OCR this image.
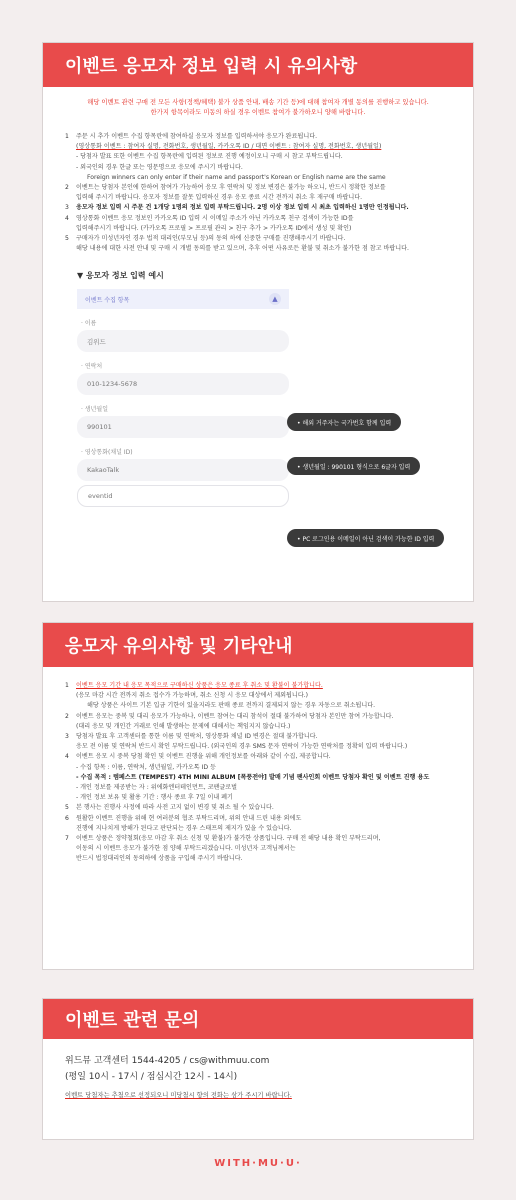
이벤트 응모자 정보 입력 시 유의사항
해당 이벤트 관련 구매 전 모든 사항(정책/혜택) 불가 상품 안내, 배송 기간 등)에 대해 참여자 개별 동의를 진행하고 있습니다.
한가지 항목이라도 미동의 하실 경우 이벤트 참여가 불가하오니 양해 바랍니다.
1	주문 시 추가 이벤트 수집 항목란에 참여하실 응모자 정보를 입력하셔야 응모가 완료됩니다.
(영상통화 이벤트 : 참여자 실명, 전화번호, 생년월일, 카카오톡 ID / 대면 이벤트 : 참여자 실명, 전화번호, 생년월일)
- 당첨자 발표 또한 이벤트 수집 항목란에 입력된 정보로 진행 예정이오니 구매 시 참고 부탁드립니다.
- 외국인의 경우 한글 또는 영문명으로 응모에 주시기 바랍니다.
Foreign winners can only enter if their name and passport's Korean or English name are the same
2	이벤트는 당첨자 본인에 한하여 참여가 가능하여 응모 후 연락처 및 정보 변경은 불가능 하오니, 반드시 정확한 정보를
입력해 주시기 바랍니다. 응모자 정보를 잘못 입력하신 경우 응모 종료 시간 전까지 취소 후 재구매 바랍니다.
3	응모자 정보 입력 시 주문 건 1개당 1명의 정보 입력 부탁드립니다. 2명 이상 정보 입력 시 최초 입력하신 1명만 인정됩니다.
4	영상통화 이벤트 응모 정보인 카카오톡 ID 입력 시 이메일 주소가 아닌 카카오톡 친구 검색이 가능한 ID를
입력해주시기 바랍니다. (카카오톡 프로필 > 프로필 관리 > 친구 추가 > 카카오톡 ID에서 생성 및 확인)
5	구매자가 미성년자인 경우 법적 대리인(부모님 등)의 동의 하에 신중한 구매를 진행해주시기 바랍니다.
해당 내용에 대한 사전 안내 및 구매 시 개별 동의를 받고 있으며, 추후 어떤 사유로든 환불 및 취소가 불가한 점 참고 바랍니다.
▼ 응모자 정보 입력 예시
이벤트 수집 항목	▲
· 이름
김위드
· 연락처
010-1234-5678
· 생년월일
990101
· 영상통화(채널 ID)
KakaoTalk
eventid
• 해외 거주자는 국가번호 함께 입력
• 생년월일 : 990101 형식으로 6글자 입력
• PC 로그인용 이메일이 아닌 검색이 가능한 ID 입력
응모자 유의사항 및 기타안내
1	이벤트 응모 기간 내 응모 목적으로 구매하신 상품은 응모 종료 후 취소 및 환불이 불가합니다.
(응모 마감 시간 전까지 취소 접수가 가능하며, 취소 신청 시 응모 대상에서 제외됩니다.)
해당 상품은 사이트 기본 입금 기한이 있을지라도 판매 종료 전까지 결제되지 않는 경우 자동으로 취소됩니다.
2	이벤트 응모는 중복 및 대리 응모가 가능하나, 이벤트 참여는 대리 참석이 절대 불가하여 당첨자 본인만 참여 가능합니다.
(대리 응모 및 개인간 거래로 인해 발생하는 문제에 대해서는 책임지지 않습니다.)
3	당첨자 발표 후 고객센터를 통한 이름 및 연락처, 영상통화 채널 ID 변경은 절대 불가합니다.
응모 전 이름 및 연락처 반드시 확인 부탁드립니다. (외국인의 경우 SMS 문자 연락이 가능한 연락처를 정확히 입력 바랍니다.)
4	이벤트 응모 시 중복 당첨 확인 및 이벤트 진행을 위해 개인정보를 아래와 같이 수집, 제공합니다.
- 수집 항목 : 이름, 연락처, 생년월일, 카카오톡 ID 등
- 수집 목적 : 템페스트 (TEMPEST) 4TH MINI ALBUM [폭풍전야] 발매 기념 팬사인회 이벤트 당첨자 확인 및 이벤트 진행 용도
- 개인 정보를 제공받는 자 : 위에화엔터테인먼트, 코팬글로벌
- 개인 정보 보유 및 활용 기간 : 행사 종료 후 7일 이내 폐기
5	본 행사는 진행사 사정에 따라 사전 고지 없이 변경 및 취소 될 수 있습니다.
6	원활한 이벤트 진행을 위해 현 여러분의 협조 부탁드리며, 위의 안내 드린 내용 외에도
진행에 지나치게 방해가 된다고 판단되는 경우 스태프의 제지가 있을 수 있습니다.
7	이벤트 상품은 정약철회(응모 마감 후 취소 신청 및 환불)가 불가한 상품입니다. 구매 전 해당 내용 확인 부탁드리며,
이동의 시 이벤트 응모가 불가한 점 양해 부탁드리겠습니다. 미성년자 고객님께서는
반드시 법정대리인의 동의하에 상품을 구입해 주시기 바랍니다.
이벤트 관련 문의
위드뮤 고객센터 1544-4205 / cs@withmuu.com
(평일 10시 - 17시 / 점심시간 12시 - 14시)
이벤트 당첨자는 추첨으로 선정되오니 미당첨시 향의 전화는 삼가 주시기 바랍니다.
WITH·MU·U·
